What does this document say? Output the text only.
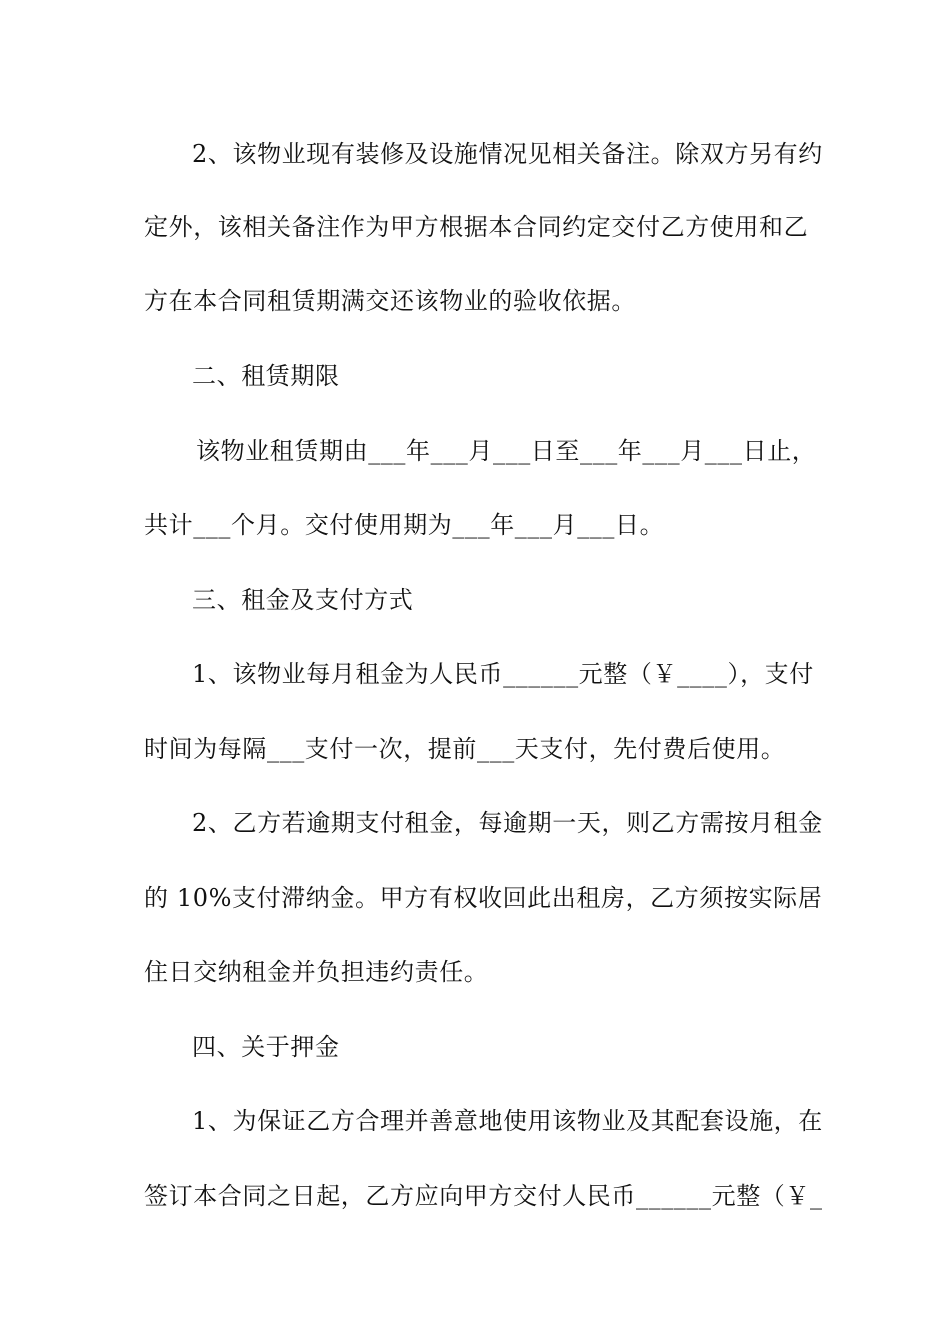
2、该物业现有装修及设施情况见相关备注。除双方另有约
定外，该相关备注作为甲方根据本合同约定交付乙方使用和乙
方在本合同租赁期满交还该物业的验收依据。
二、租赁期限
该物业租赁期由___年___月___日至___年___月___日止，
共计___个月。交付使用期为___年___月___日。
三、租金及支付方式
1、该物业每月租金为人民币______元整（￥____），支付
时间为每隔___支付一次，提前___天支付，先付费后使用。
2、乙方若逾期支付租金，每逾期一天，则乙方需按月租金
的 10%支付滞纳金。甲方有权收回此出租房，乙方须按实际居
住日交纳租金并负担违约责任。
四、关于押金
1、为保证乙方合理并善意地使用该物业及其配套设施，在
签订本合同之日起，乙方应向甲方交付人民币______元整（￥_
